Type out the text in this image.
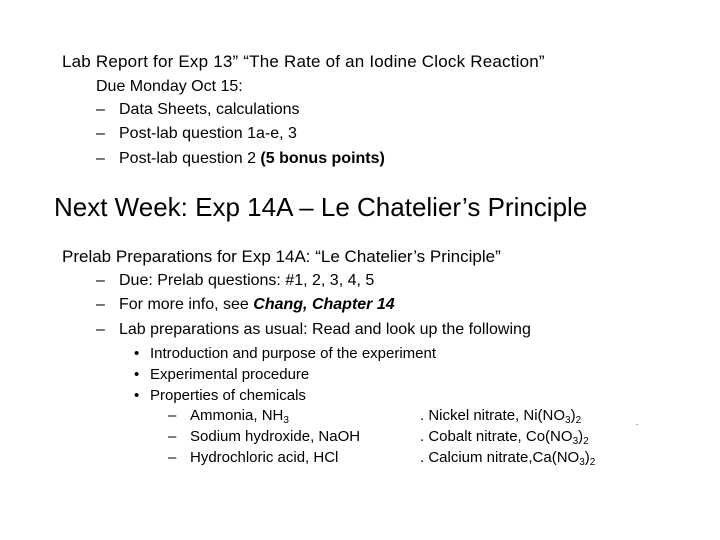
Lab Report for Exp 13” “The Rate of an Iodine Clock Reaction”
Due Monday Oct 15:
– Data Sheets, calculations
– Post-lab question 1a-e, 3
– Post-lab question 2 (5 bonus points)
Next Week: Exp 14A – Le Chatelier’s Principle
Prelab Preparations for Exp 14A: “Le Chatelier’s Principle”
– Due: Prelab questions: #1, 2, 3, 4, 5
– For more info, see Chang, Chapter 14
– Lab preparations as usual: Read and look up the following
• Introduction and purpose of the experiment
• Experimental procedure
• Properties of chemicals
– Ammonia, $NH_3$
– Sodium hydroxide, NaOH
– Hydrochloric acid, HCl
. Nickel nitrate, $Ni(NO_3)_2$
. Cobalt nitrate, $Co(NO_3)_2$
. Calcium $nitrate,Ca(NO_3)_2$
.
